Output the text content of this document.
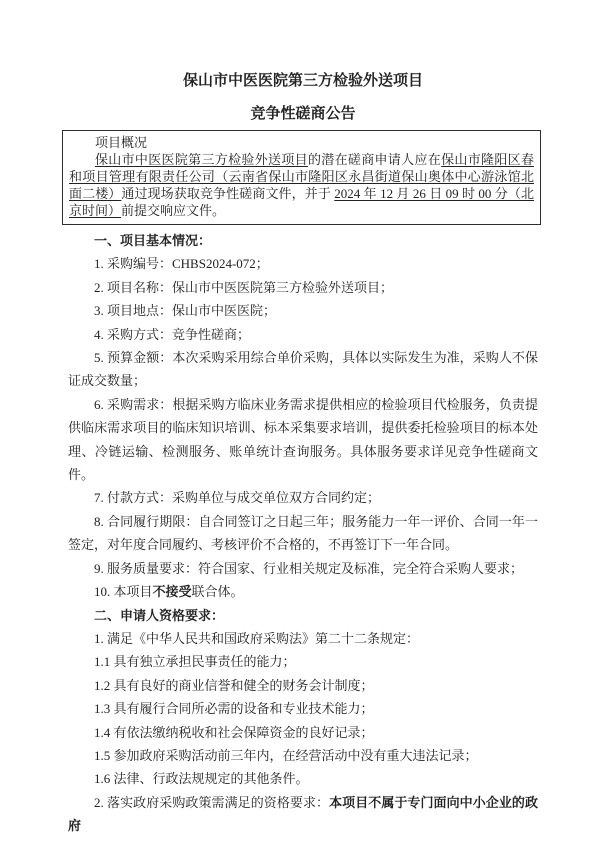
保山市中医医院第三方检验外送项目
竞争性磋商公告

项目概况

保山市中医医院第三方检验外送项目的潜在磋商申请人应在保山市隆阳区春和项目管理有限责任公司（云南省保山市隆阳区永昌街道保山奥体中心游泳馆北面二楼）通过现场获取竞争性磋商文件，并于 2024 年 12 月 26 日 09 时 00 分（北京时间）前提交响应文件。

一、项目基本情况：

1. 采购编号：CHBS2024-072；

2. 项目名称：保山市中医医院第三方检验外送项目；

3. 项目地点：保山市中医医院；

4. 采购方式：竞争性磋商；

5. 预算金额：本次采购采用综合单价采购，具体以实际发生为准，采购人不保证成交数量；

6. 采购需求：根据采购方临床业务需求提供相应的检验项目代检服务，负责提供临床需求项目的临床知识培训、标本采集要求培训，提供委托检验项目的标本处理、冷链运输、检测服务、账单统计查询服务。具体服务要求详见竞争性磋商文件。

7. 付款方式：采购单位与成交单位双方合同约定；

8. 合同履行期限：自合同签订之日起三年；服务能力一年一评价、合同一年一签定，对年度合同履约、考核评价不合格的，不再签订下一年合同。

9. 服务质量要求：符合国家、行业相关规定及标准，完全符合采购人要求；

10. 本项目不接受联合体。

二、申请人资格要求：

1. 满足《中华人民共和国政府采购法》第二十二条规定：

1.1 具有独立承担民事责任的能力；

1.2 具有良好的商业信誉和健全的财务会计制度；

1.3 具有履行合同所必需的设备和专业技术能力；

1.4 有依法缴纳税收和社会保障资金的良好记录；

1.5 参加政府采购活动前三年内，在经营活动中没有重大违法记录；

1.6 法律、行政法规规定的其他条件。

2. 落实政府采购政策需满足的资格要求：本项目不属于专门面向中小企业的政府
